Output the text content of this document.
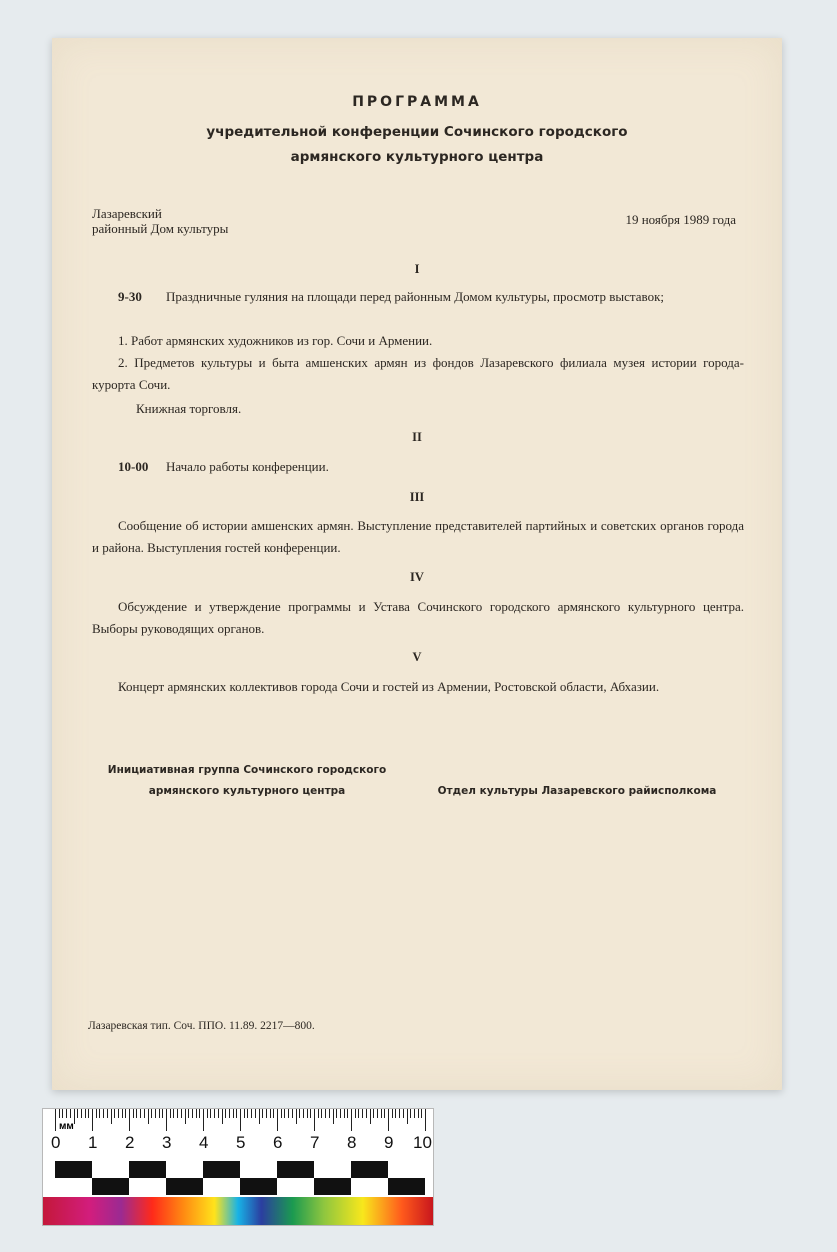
ПРОГРАММА
учредительной конференции Сочинского городского
армянского культурного центра
Лазаревский
районный Дом культуры
19 ноября 1989 года
I
9-30	Праздничные гуляния на площади перед районным Домом культуры, просмотр выставок;
1. Работ армянских художников из гор. Сочи и Армении.
2. Предметов культуры и быта амшенских армян из фондов Лазаревского филиала музея истории города-курорта Сочи.
Книжная торговля.
II
10-00 Начало работы конференции.
III
Сообщение об истории амшенских армян. Выступление представителей партийных и советских органов города и района. Выступления гостей конференции.
IV
Обсуждение и утверждение программы и Устава Сочинского городского армянского культурного центра. Выборы руководящих органов.
V
Концерт армянских коллективов города Сочи и гостей из Армении, Ростовской области, Абхазии.
Инициативная группа Сочинского городского
армянского культурного центра	Отдел культуры Лазаревского райисполкома
Лазаревская тип. Соч. ППО. 11.89. 2217—800.
мм
0 1 2 3 4 5 6 7 8 9 10
